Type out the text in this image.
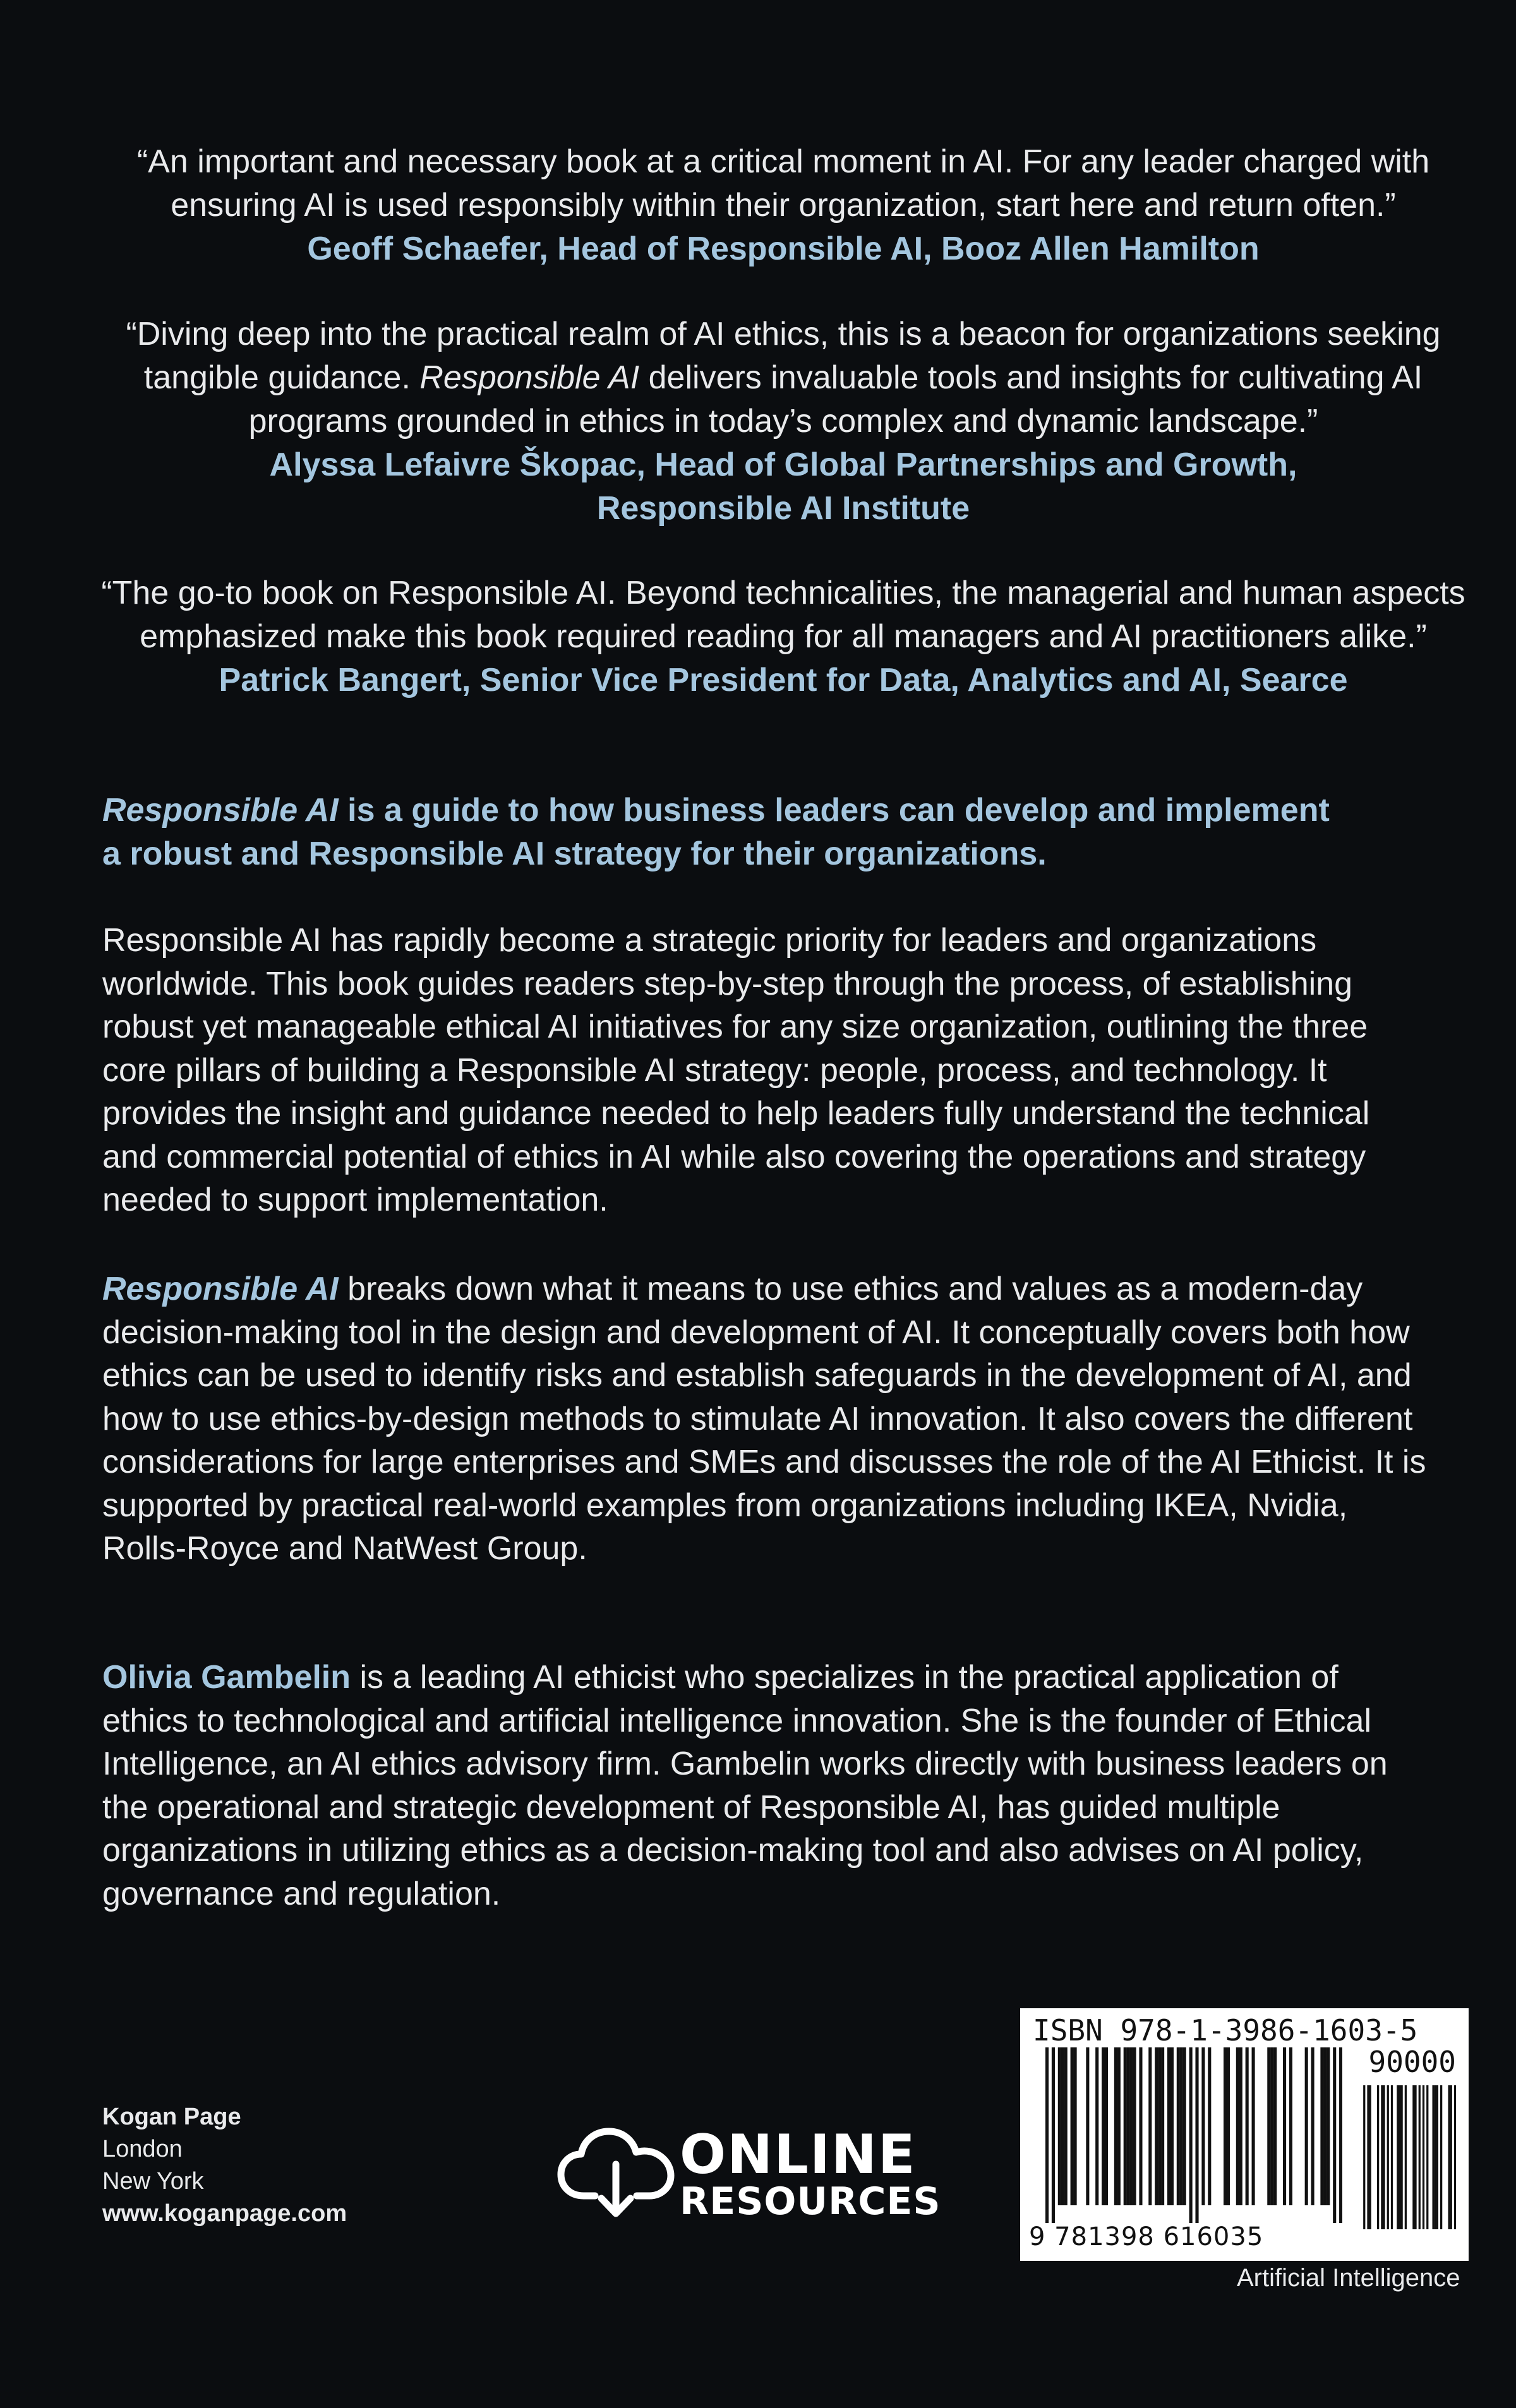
“An important and necessary book at a critical moment in AI. For any leader charged with
ensuring AI is used responsibly within their organization, start here and return often.”
Geoff Schaefer, Head of Responsible AI, Booz Allen Hamilton
“Diving deep into the practical realm of AI ethics, this is a beacon for organizations seeking
tangible guidance. Responsible AI delivers invaluable tools and insights for cultivating AI
programs grounded in ethics in today’s complex and dynamic landscape.”
Alyssa Lefaivre Škopac, Head of Global Partnerships and Growth,
Responsible AI Institute
“The go-to book on Responsible AI. Beyond technicalities, the managerial and human aspects
emphasized make this book required reading for all managers and AI practitioners alike.”
Patrick Bangert, Senior Vice President for Data, Analytics and AI, Searce
Responsible AI is a guide to how business leaders can develop and implement
a robust and Responsible AI strategy for their organizations.
Responsible AI has rapidly become a strategic priority for leaders and organizations
worldwide. This book guides readers step-by-step through the process, of establishing
robust yet manageable ethical AI initiatives for any size organization, outlining the three
core pillars of building a Responsible AI strategy: people, process, and technology. It
provides the insight and guidance needed to help leaders fully understand the technical
and commercial potential of ethics in AI while also covering the operations and strategy
needed to support implementation.
Responsible AI breaks down what it means to use ethics and values as a modern-day
decision-making tool in the design and development of AI. It conceptually covers both how
ethics can be used to identify risks and establish safeguards in the development of AI, and
how to use ethics-by-design methods to stimulate AI innovation. It also covers the different
considerations for large enterprises and SMEs and discusses the role of the AI Ethicist. It is
supported by practical real-world examples from organizations including IKEA, Nvidia,
Rolls-Royce and NatWest Group.
Olivia Gambelin is a leading AI ethicist who specializes in the practical application of
ethics to technological and artificial intelligence innovation. She is the founder of Ethical
Intelligence, an AI ethics advisory firm. Gambelin works directly with business leaders on
the operational and strategic development of Responsible AI, has guided multiple
organizations in utilizing ethics as a decision-making tool and also advises on AI policy,
governance and regulation.
Kogan Page
London
New York
www.koganpage.com
ONLINE
RESOURCES
ISBN 978-1-3986-1603-5
90000
9 781398 616035
Artificial Intelligence
